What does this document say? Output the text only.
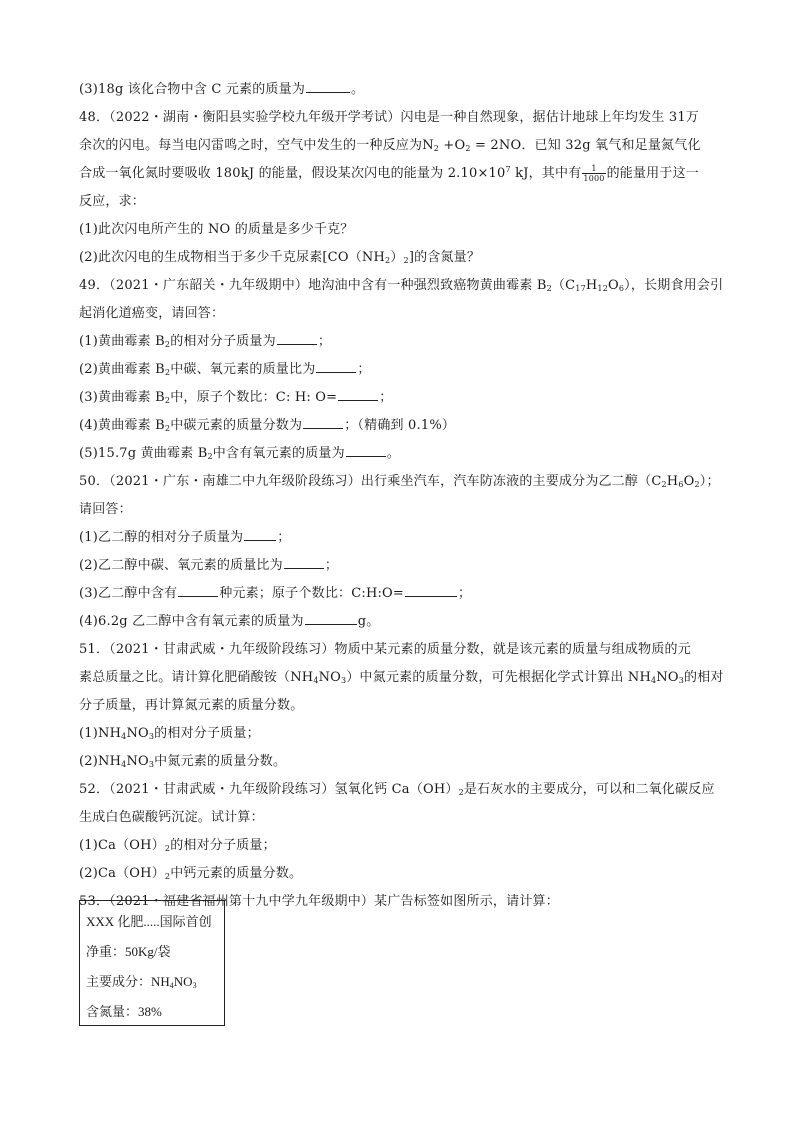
(3)18g 该化合物中含 C 元素的质量为	。
48．（2022・湖南・衡阳县实验学校九年级开学考试）闪电是一种自然现象，据估计地球上年均发生 31万
余次的闪电。每当电闪雷鸣之时，空气中发生的一种反应为$N_2 +O_2 = 2NO$．已知 32g 氧气和足量氮气化
合成一氧化氮时要吸收 180kJ 的能量，假设某次闪电的能量为 $2.10\times 10^7$ kJ，其中有 $\frac{1}{1000}$ 的能量用于这一
反应，求：
(1)此次闪电所产生的 NO 的质量是多少千克？
(2)此次闪电的生成物相当于多少千克尿素$[CO(NH_2)_2]$的含氮量？
49．（2021・广东韶关・九年级期中）地沟油中含有一种强烈致癌物黄曲霉素 $B_2(C_{17}H_{12}O_6)$，长期食用会引
起消化道癌变，请回答：
(1)黄曲霉素 $B_2$的相对分子质量为	；
(2)黄曲霉素 $B_2$中碳、氧元素的质量比为	；
(3)黄曲霉素 $B_2$中，原子个数比：C: H: O=	；
(4)黄曲霉素 $B_2$中碳元素的质量分数为	；（精确到 0.1%）
(5)15.7g 黄曲霉素 $B_2$中含有氧元素的质量为	。
50．（2021・广东・南雄二中九年级阶段练习）出行乘坐汽车，汽车防冻液的主要成分为乙二醇$(C_2H_6O_2)$；
请回答：
(1)乙二醇的相对分子质量为	；
(2)乙二醇中碳、氧元素的质量比为	；
(3)乙二醇中含有	种元素；原子个数比：C:H:O=	；
(4)6.2g 乙二醇中含有氧元素的质量为	g。
51．（2021・甘肃武威・九年级阶段练习）物质中某元素的质量分数，就是该元素的质量与组成物质的元
素总质量之比。请计算化肥硝酸铵$(NH_4NO_3)$中氮元素的质量分数，可先根据化学式计算出 $NH_4NO_3$的相对
分子质量，再计算氮元素的质量分数。
$(1)NH_4NO_3$的相对分子质量；
$(2)NH_4NO_3$中氮元素的质量分数。
52．（2021・甘肃武威・九年级阶段练习）氢氧化钙 $Ca(OH)_2$是石灰水的主要成分，可以和二氧化碳反应
生成白色碳酸钙沉淀。试计算：
$(1)Ca(OH)_2$的相对分子质量；
$(2)Ca(OH)_2$中钙元素的质量分数。
53．（2021・福建省福州第十九中学九年级期中）某广告标签如图所示，请计算：
XXX 化肥.....国际首创
净重：50Kg/袋
主要成分：$NH_4NO_3$
含氮量：38%
